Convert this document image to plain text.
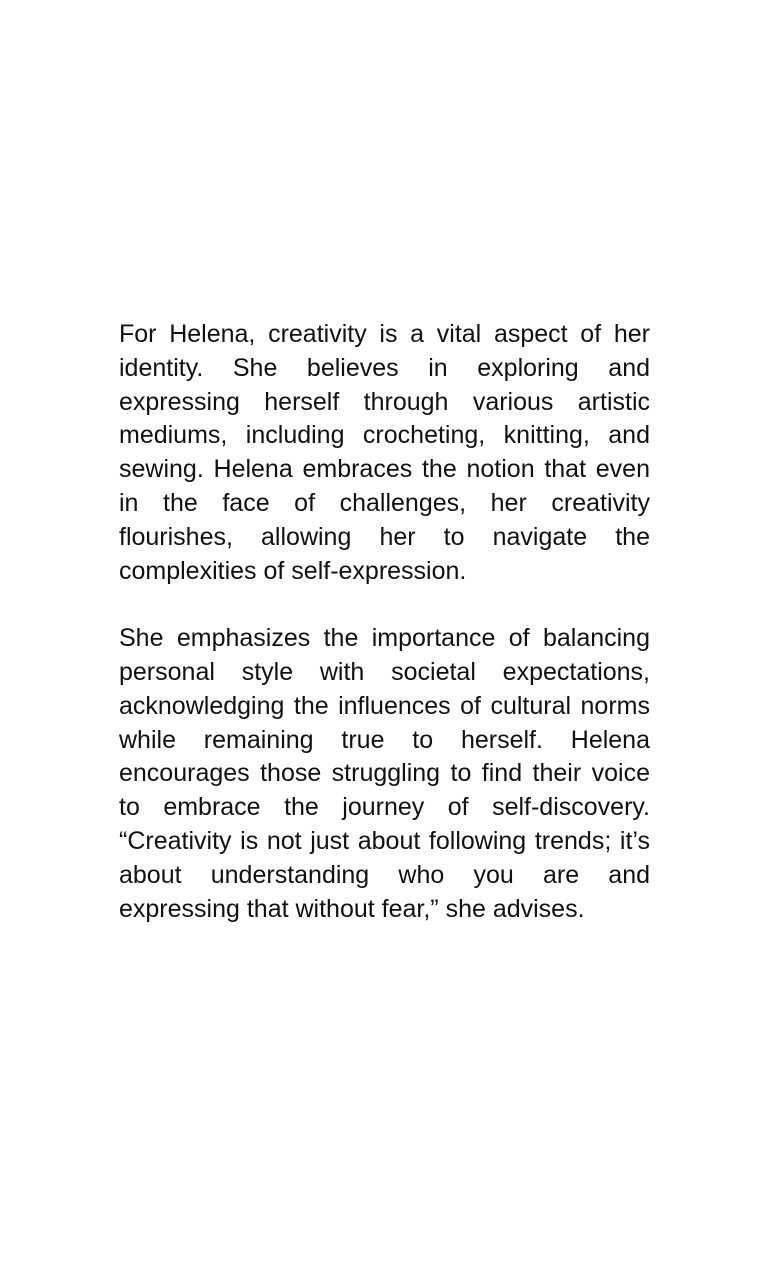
For Helena, creativity is a vital aspect of her identity. She believes in exploring and expressing herself through various artistic mediums, including crocheting, knitting, and sewing. Helena embraces the notion that even in the face of challenges, her creativity flourishes, allowing her to navigate the complexities of self-expression.

She emphasizes the importance of balancing personal style with societal expectations, acknowledging the influences of cultural norms while remaining true to herself. Helena encourages those struggling to find their voice to embrace the journey of self-discovery. “Creativity is not just about following trends; it’s about understanding who you are and expressing that without fear,” she advises.
